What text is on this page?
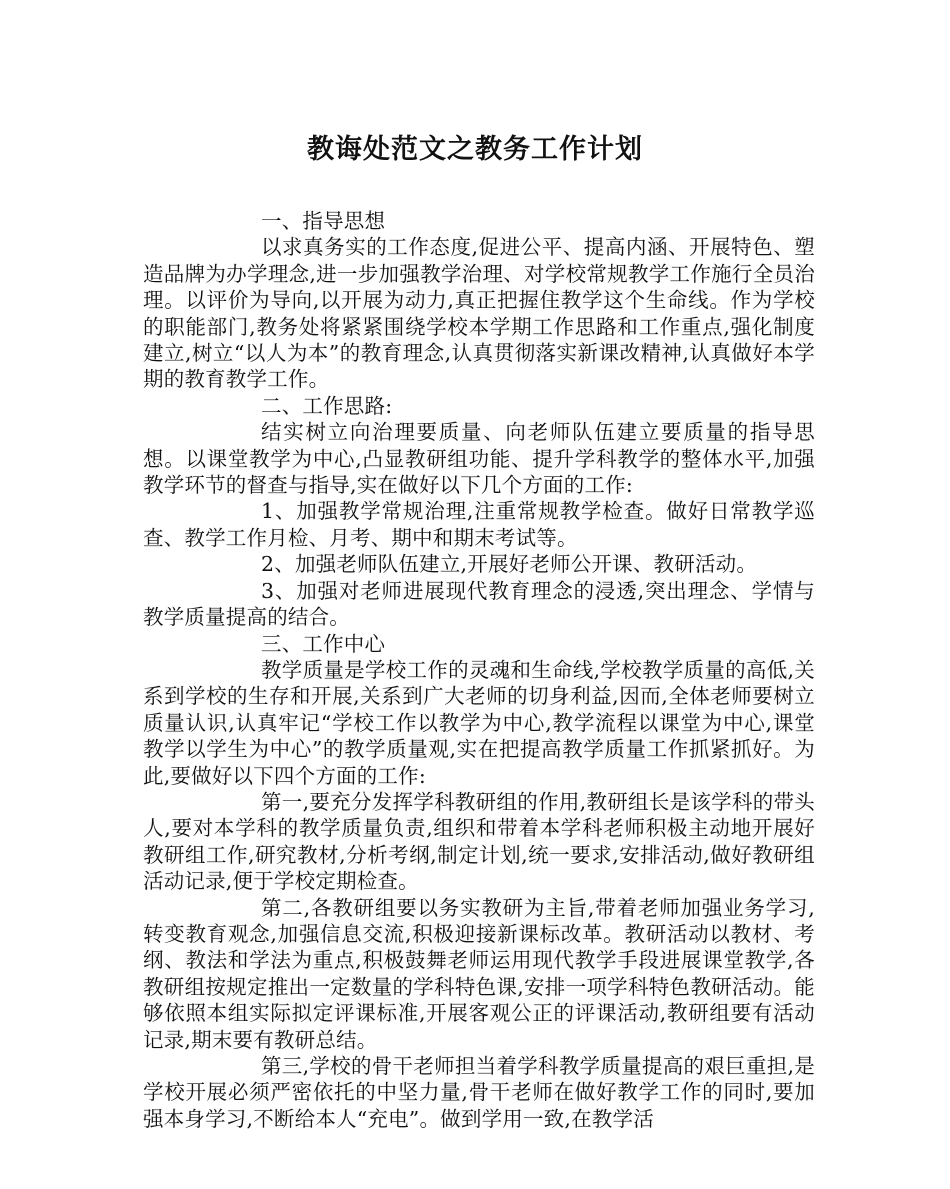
教诲处范文之教务工作计划

一、指导思想

以求真务实的工作态度,促进公平、提高内涵、开展特色、塑造品牌为办学理念,进一步加强教学治理、对学校常规教学工作施行全员治理。以评价为导向,以开展为动力,真正把握住教学这个生命线。作为学校的职能部门,教务处将紧紧围绕学校本学期工作思路和工作重点,强化制度建立,树立“以人为本”的教育理念,认真贯彻落实新课改精神,认真做好本学期的教育教学工作。

二、工作思路:

结实树立向治理要质量、向老师队伍建立要质量的指导思想。以课堂教学为中心,凸显教研组功能、提升学科教学的整体水平,加强教学环节的督查与指导,实在做好以下几个方面的工作:

1、加强教学常规治理,注重常规教学检查。做好日常教学巡查、教学工作月检、月考、期中和期末考试等。

2、加强老师队伍建立,开展好老师公开课、教研活动。

3、加强对老师进展现代教育理念的浸透,突出理念、学情与教学质量提高的结合。

三、工作中心

教学质量是学校工作的灵魂和生命线,学校教学质量的高低,关系到学校的生存和开展,关系到广大老师的切身利益,因而,全体老师要树立质量认识,认真牢记“学校工作以教学为中心,教学流程以课堂为中心,课堂教学以学生为中心”的教学质量观,实在把提高教学质量工作抓紧抓好。为此,要做好以下四个方面的工作:

第一,要充分发挥学科教研组的作用,教研组长是该学科的带头人,要对本学科的教学质量负责,组织和带着本学科老师积极主动地开展好教研组工作,研究教材,分析考纲,制定计划,统一要求,安排活动,做好教研组活动记录,便于学校定期检查。

第二,各教研组要以务实教研为主旨,带着老师加强业务学习,转变教育观念,加强信息交流,积极迎接新课标改革。教研活动以教材、考纲、教法和学法为重点,积极鼓舞老师运用现代教学手段进展课堂教学,各教研组按规定推出一定数量的学科特色课,安排一项学科特色教研活动。能够依照本组实际拟定评课标准,开展客观公正的评课活动,教研组要有活动记录,期末要有教研总结。

第三,学校的骨干老师担当着学科教学质量提高的艰巨重担,是学校开展必须严密依托的中坚力量,骨干老师在做好教学工作的同时,要加强本身学习,不断给本人“充电”。做到学用一致,在教学活
